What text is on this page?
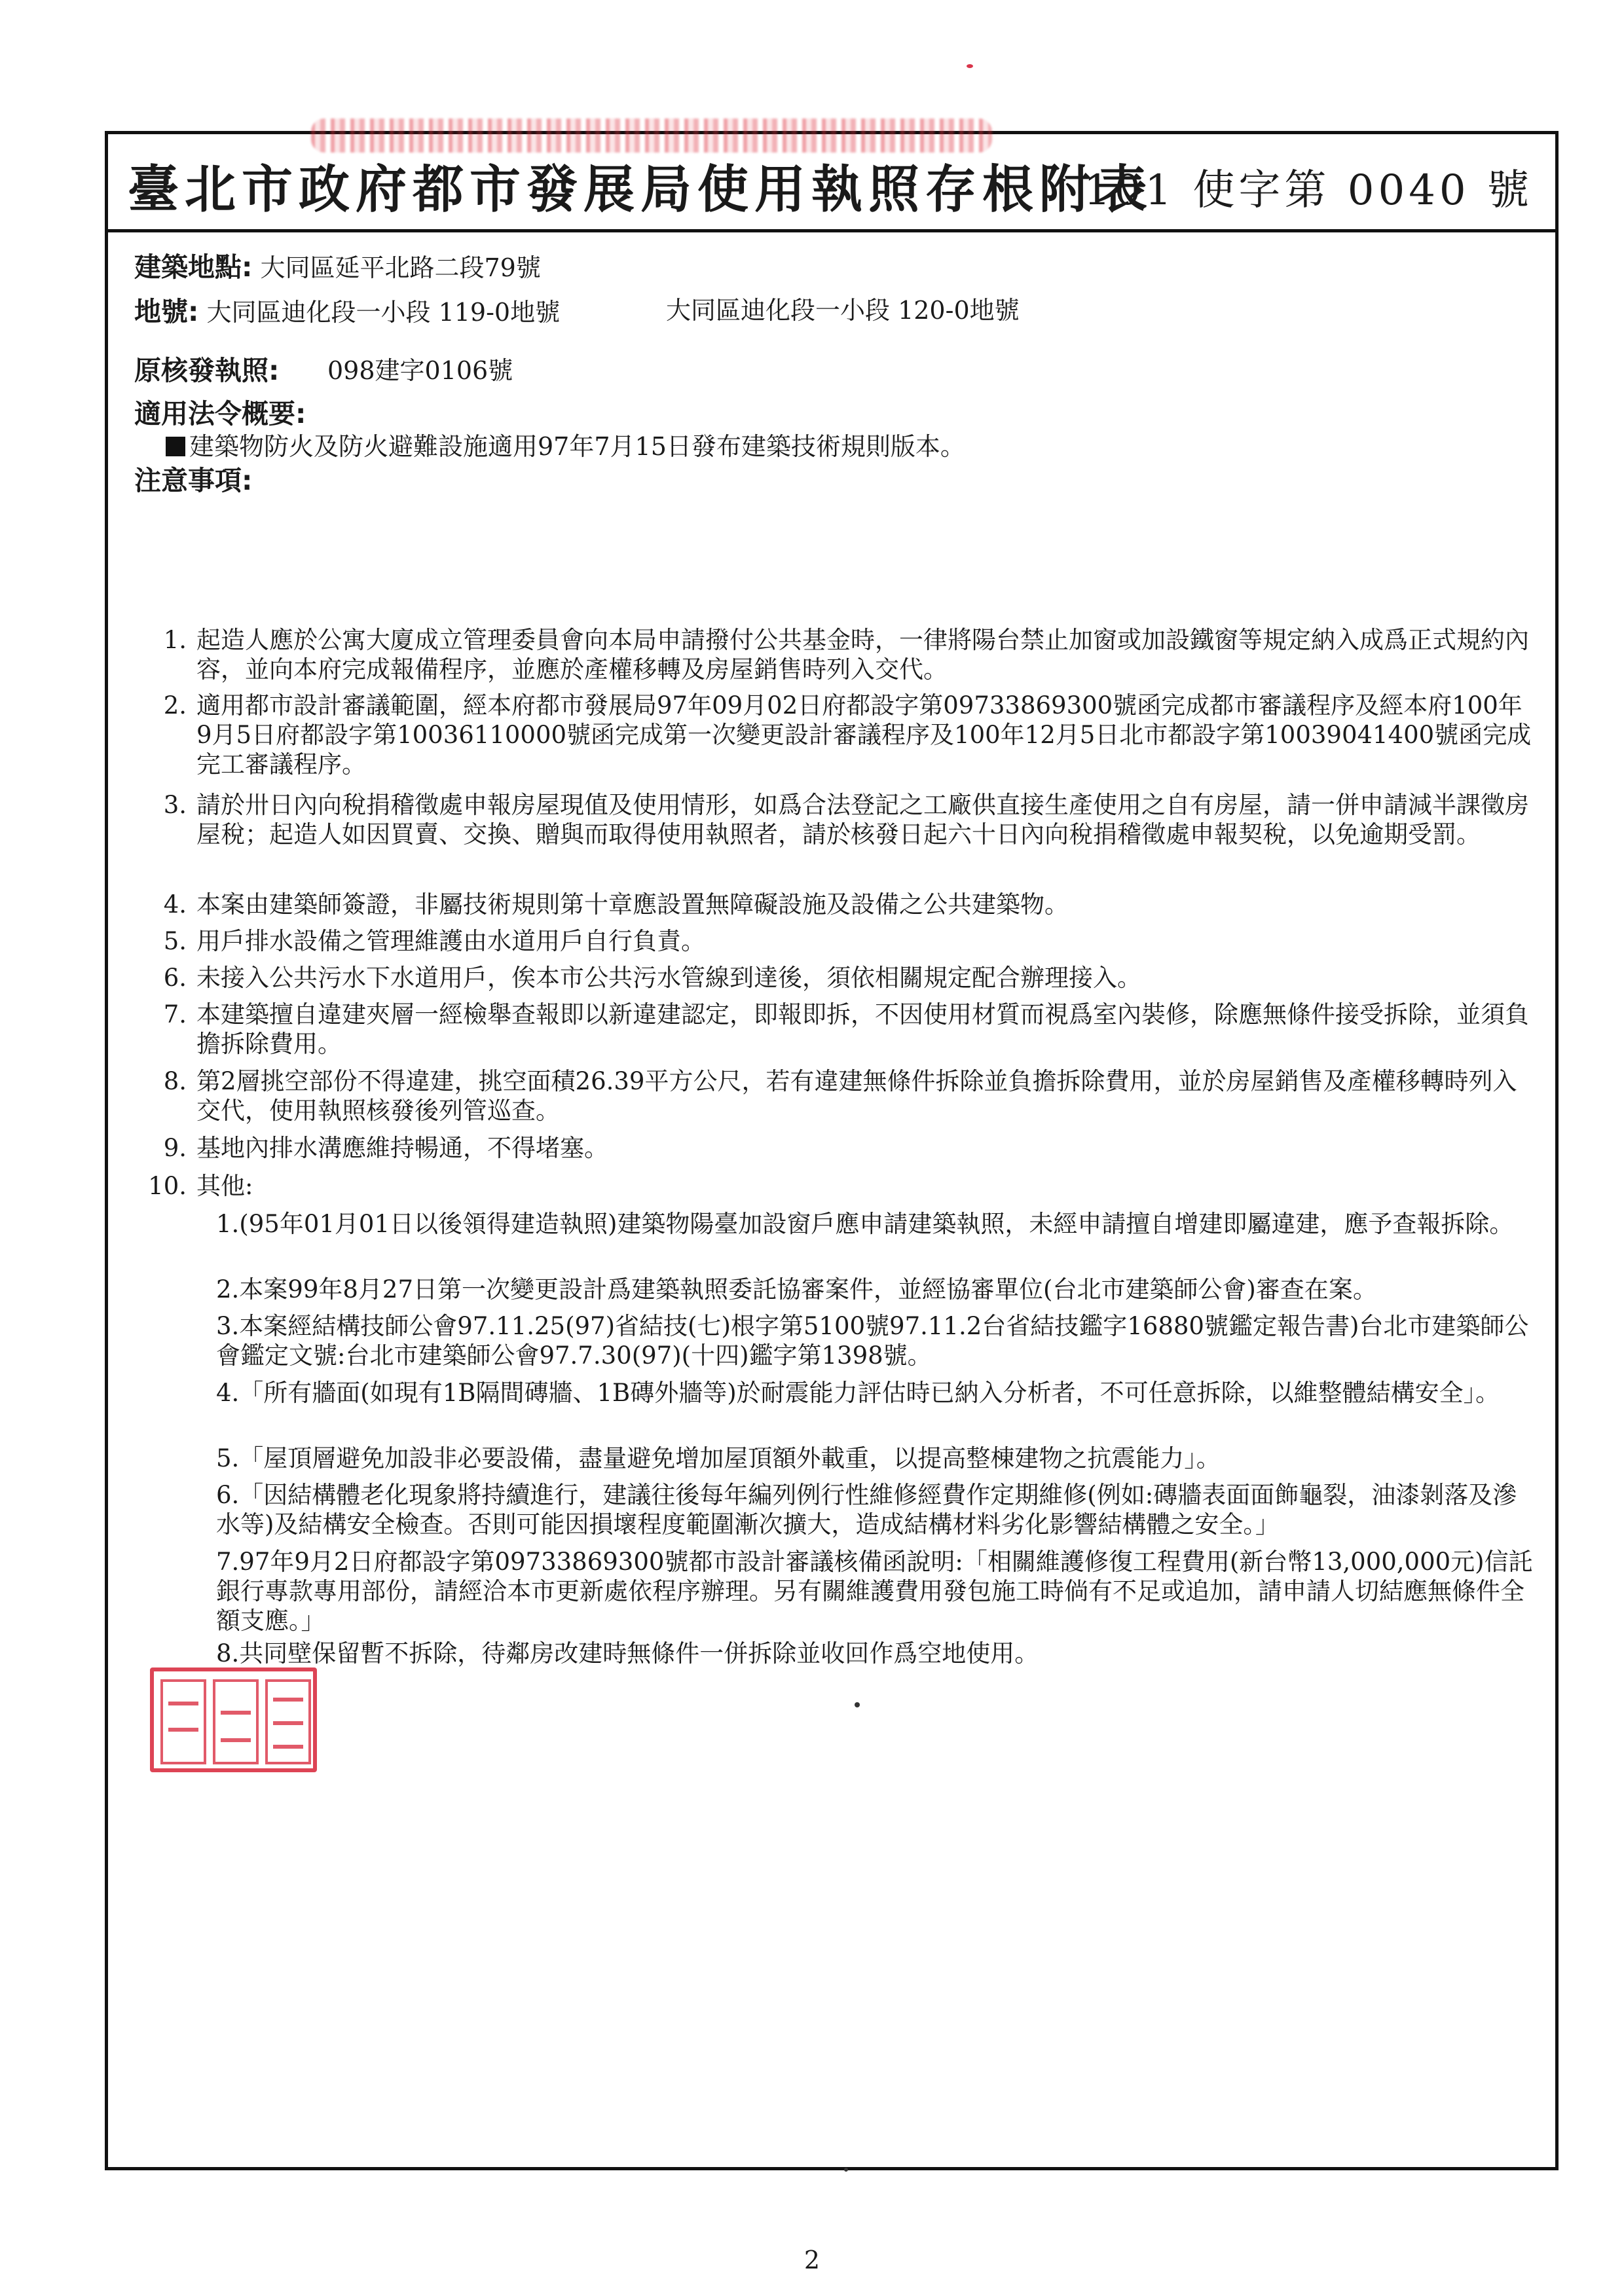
臺北市政府都市發展局使用執照存根附表
101 使字第 0040 號
建築地點: 大同區延平北路二段79號
地號: 大同區迪化段一小段 119-0地號	大同區迪化段一小段 120-0地號
原核發執照: 098建字0106號
適用法令概要:
建築物防火及防火避難設施適用97年7月15日發布建築技術規則版本。
注意事項:
1. 起造人應於公寓大廈成立管理委員會向本局申請撥付公共基金時，一律將陽台禁止加窗或加設鐵窗等規定納入成爲正式規約內容，並向本府完成報備程序，並應於產權移轉及房屋銷售時列入交代。
2. 適用都市設計審議範圍，經本府都市發展局97年09月02日府都設字第09733869300號函完成都市審議程序及經本府100年9月5日府都設字第10036110000號函完成第一次變更設計審議程序及100年12月5日北市都設字第10039041400號函完成完工審議程序。
3. 請於卅日內向稅捐稽徵處申報房屋現值及使用情形，如爲合法登記之工廠供直接生產使用之自有房屋，請一併申請減半課徵房屋稅；起造人如因買賣、交換、贈與而取得使用執照者，請於核發日起六十日內向稅捐稽徵處申報契稅，以免逾期受罰。
4. 本案由建築師簽證，非屬技術規則第十章應設置無障礙設施及設備之公共建築物。
5. 用戶排水設備之管理維護由水道用戶自行負責。
6. 未接入公共污水下水道用戶，俟本市公共污水管線到達後，須依相關規定配合辦理接入。
7. 本建築擅自違建夾層一經檢舉查報即以新違建認定，即報即拆，不因使用材質而視爲室內裝修，除應無條件接受拆除，並須負擔拆除費用。
8. 第2層挑空部份不得違建，挑空面積26.39平方公尺，若有違建無條件拆除並負擔拆除費用，並於房屋銷售及產權移轉時列入交代，使用執照核發後列管巡查。
9. 基地內排水溝應維持暢通，不得堵塞。
10. 其他:
1.(95年01月01日以後領得建造執照)建築物陽臺加設窗戶應申請建築執照，未經申請擅自增建即屬違建，應予查報拆除。
2.本案99年8月27日第一次變更設計爲建築執照委託協審案件，並經協審單位(台北市建築師公會)審查在案。
3.本案經結構技師公會97.11.25(97)省結技(七)根字第5100號97.11.2台省結技鑑字16880號鑑定報告書)台北市建築師公會鑑定文號:台北市建築師公會97.7.30(97)(十四)鑑字第1398號。
4.「所有牆面(如現有1B隔間磚牆、1B磚外牆等)於耐震能力評估時已納入分析者，不可任意拆除，以維整體結構安全」。
5.「屋頂層避免加設非必要設備，盡量避免增加屋頂額外載重，以提高整棟建物之抗震能力」。
6.「因結構體老化現象將持續進行，建議往後每年編列例行性維修經費作定期維修(例如:磚牆表面面飾龜裂，油漆剝落及滲水等)及結構安全檢查。否則可能因損壞程度範圍漸次擴大，造成結構材料劣化影響結構體之安全。」
7.97年9月2日府都設字第09733869300號都市設計審議核備函說明:「相關維護修復工程費用(新台幣13,000,000元)信託銀行專款專用部份，請經洽本市更新處依程序辦理。另有關維護費用發包施工時倘有不足或追加，請申請人切結應無條件全額支應。」
8.共同壁保留暫不拆除，待鄰房改建時無條件一併拆除並收回作爲空地使用。
2
